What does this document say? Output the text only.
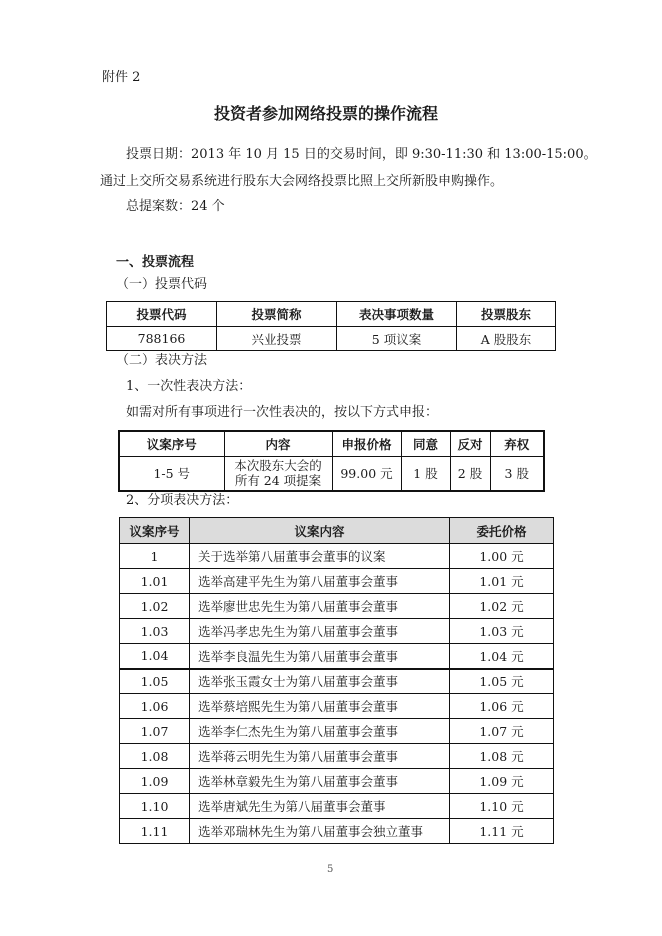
附件 2
投资者参加网络投票的操作流程
投票日期：2013 年 10 月 15 日的交易时间，即 9:30-11:30 和 13:00-15:00。
通过上交所交易系统进行股东大会网络投票比照上交所新股申购操作。
总提案数：24 个
一、投票流程
（一）投票代码
投票代码	投票简称	表决事项数量	投票股东
788166	兴业投票	5 项议案	A 股股东
（二）表决方法
1、一次性表决方法：
如需对所有事项进行一次性表决的，按以下方式申报：
议案序号	内容	申报价格	同意	反对	弃权
1-5 号	本次股东大会的所有 24 项提案	99.00 元	1 股	2 股	3 股
2、分项表决方法：
议案序号	议案内容	委托价格
1	关于选举第八届董事会董事的议案	1.00 元
1.01	选举高建平先生为第八届董事会董事	1.01 元
1.02	选举廖世忠先生为第八届董事会董事	1.02 元
1.03	选举冯孝忠先生为第八届董事会董事	1.03 元
1.04	选举李良温先生为第八届董事会董事	1.04 元
1.05	选举张玉霞女士为第八届董事会董事	1.05 元
1.06	选举蔡培熙先生为第八届董事会董事	1.06 元
1.07	选举李仁杰先生为第八届董事会董事	1.07 元
1.08	选举蒋云明先生为第八届董事会董事	1.08 元
1.09	选举林章毅先生为第八届董事会董事	1.09 元
1.10	选举唐斌先生为第八届董事会董事	1.10 元
1.11	选举邓瑞林先生为第八届董事会独立董事	1.11 元
5
